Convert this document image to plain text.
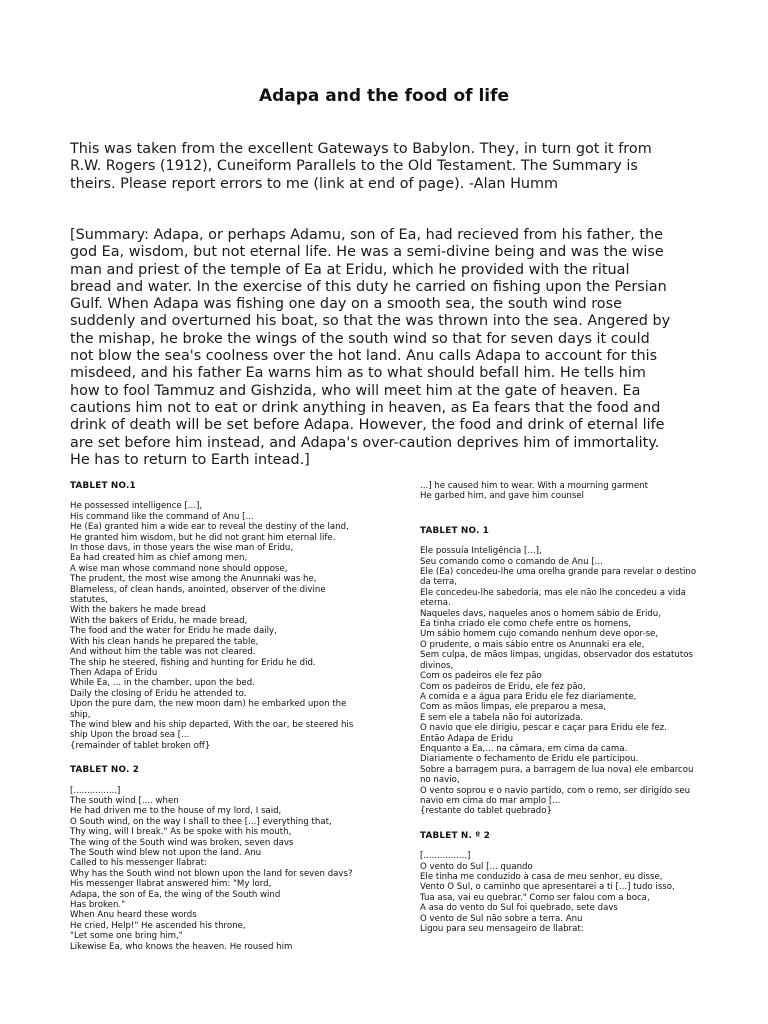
Adapa and the food of life
This was taken from the excellent Gateways to Babylon. They, in turn got it from
R.W. Rogers (1912), Cuneiform Parallels to the Old Testament. The Summary is
theirs. Please report errors to me (link at end of page). -Alan Humm
[Summary: Adapa, or perhaps Adamu, son of Ea, had recieved from his father, the
god Ea, wisdom, but not eternal life. He was a semi-divine being and was the wise
man and priest of the temple of Ea at Eridu, which he provided with the ritual
bread and water. In the exercise of this duty he carried on fishing upon the Persian
Gulf. When Adapa was fishing one day on a smooth sea, the south wind rose
suddenly and overturned his boat, so that the was thrown into the sea. Angered by
the mishap, he broke the wings of the south wind so that for seven days it could
not blow the sea's coolness over the hot land. Anu calls Adapa to account for this
misdeed, and his father Ea warns him as to what should befall him. He tells him
how to fool Tammuz and Gishzida, who will meet him at the gate of heaven. Ea
cautions him not to eat or drink anything in heaven, as Ea fears that the food and
drink of death will be set before Adapa. However, the food and drink of eternal life
are set before him instead, and Adapa's over-caution deprives him of immortality.
He has to return to Earth intead.]
TABLET NO.1
He possessed intelligence [...],
His command like the command of Anu [...
He (Ea) granted him a wide ear to reveal the destiny of the land,
He granted him wisdom, but he did not grant him eternal life.
In those davs, in those years the wise man of Eridu,
Ea had created him as chief among men,
A wise man whose command none should oppose,
The prudent, the most wise among the Anunnaki was he,
Blameless, of clean hands, anointed, observer of the divine
statutes,
With the bakers he made bread
With the bakers of Eridu, he made bread,
The food and the water for Eridu he made daily,
With his clean hands he prepared the table,
And without him the table was not cleared.
The ship he steered, fishing and hunting for Eridu he did.
Then Adapa of Eridu
While Ea, ... in the chamber, upon the bed.
Daily the closing of Eridu he attended to.
Upon the pure dam, the new moon dam) he embarked upon the
ship,
The wind blew and his ship departed, With the oar, be steered his
ship Upon the broad sea [...
{remainder of tablet broken off}
TABLET NO. 2
[................]
The south wind [.... when
He had driven me to the house of my lord, I said,
O South wind, on the way I shall to thee [...] everything that,
Thy wing, will I break." As be spoke with his mouth,
The wing of the South wind was broken, seven davs
The South wind blew not upon the land. Anu
Called to his messenger llabrat:
Why has the South wind not blown upon the land for seven davs?
His messenger llabrat answered him: "My lord,
Adapa, the son of Ea, the wing of the South wind
Has broken."
When Anu heard these words
He cried, Help!" He ascended his throne,
"Let some one bring him,"
Likewise Ea, who knows the heaven. He roused him
...] he caused him to wear. With a mourning garment
He garbed him, and gave him counsel
TABLET NO. 1
Ele possuía Inteligência [...],
Seu comando como o comando de Anu [...
Ele (Ea) concedeu-lhe uma orelha grande para revelar o destino
da terra,
Ele concedeu-lhe sabedoria, mas ele não lhe concedeu a vida
eterna.
Naqueles davs, naqueles anos o homem sábio de Eridu,
Ea tinha criado ele como chefe entre os homens,
Um sábio homem cujo comando nenhum deve opor-se,
O prudente, o mais sábio entre os Anunnaki era ele,
Sem culpa, de mãos limpas, ungidas, observador dos estatutos
divinos,
Com os padeiros ele fez pão
Com os padeiros de Eridu, ele fez pão,
A comida e a água para Eridu ele fez diariamente,
Com as mãos limpas, ele preparou a mesa,
E sem ele a tabela não foi autorizada.
O navio que ele dirigiu, pescar e caçar para Eridu ele fez.
Então Adapa de Eridu
Enquanto a Ea,... na câmara, em cima da cama.
Diariamente o fechamento de Eridu ele participou.
Sobre a barragem pura, a barragem de lua nova) ele embarcou
no navio,
O vento soprou e o navio partido, com o remo, ser dirigido seu
navio em cima do mar amplo [...
{restante do tablet quebrado}
TABLET N. º 2
[................]
O vento do Sul [... quando
Ele tinha me conduzido à casa de meu senhor, eu disse,
Vento O Sul, o caminho que apresentarei a ti [...] tudo isso,
Tua asa, vai eu quebrar." Como ser falou com a boca,
A asa do vento do Sul foi quebrado, sete davs
O vento de Sul não sobre a terra. Anu
Ligou para seu mensageiro de llabrat:
